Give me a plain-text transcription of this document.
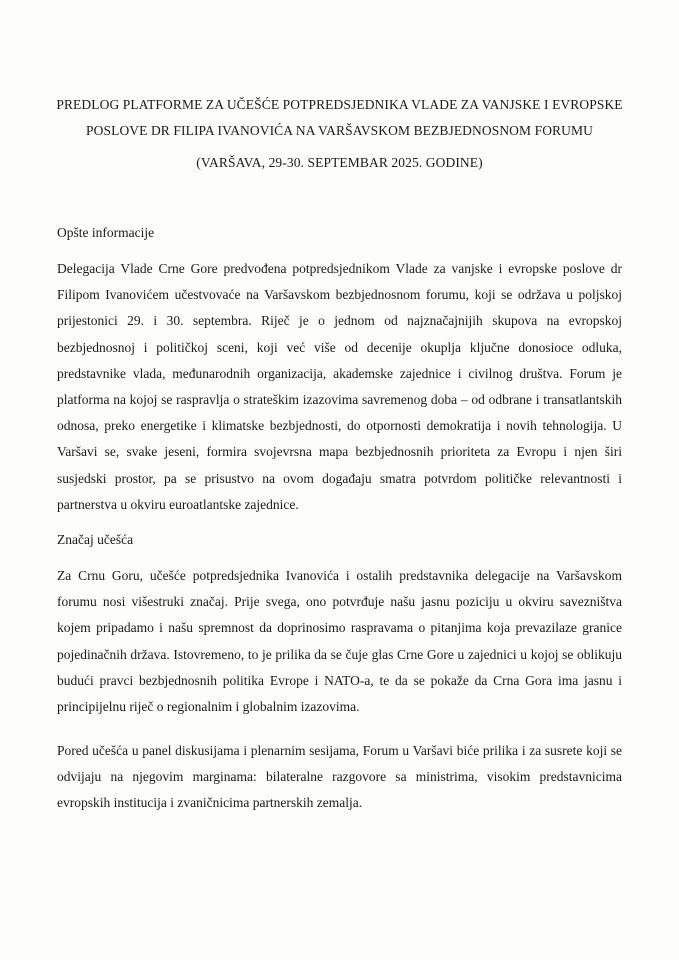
PREDLOG PLATFORME ZA UČEŠĆE POTPREDSJEDNIKA VLADE ZA VANJSKE I EVROPSKE
POSLOVE DR FILIPA IVANOVIĆA NA VARŠAVSKOM BEZBJEDNOSNOM FORUMU
(VARŠAVA, 29-30. SEPTEMBAR 2025. GODINE)
Opšte informacije
Delegacija Vlade Crne Gore predvođena potpredsjednikom Vlade za vanjske i evropske poslove dr Filipom Ivanovićem učestvovaće na Varšavskom bezbjednosnom forumu, koji se održava u poljskoj prijestonici 29. i 30. septembra. Riječ je o jednom od najznačajnijih skupova na evropskoj bezbjednosnoj i političkoj sceni, koji već više od decenije okuplja ključne donosioce odluka, predstavnike vlada, međunarodnih organizacija, akademske zajednice i civilnog društva. Forum je platforma na kojoj se raspravlja o strateškim izazovima savremenog doba – od odbrane i transatlantskih odnosa, preko energetike i klimatske bezbjednosti, do otpornosti demokratija i novih tehnologija. U Varšavi se, svake jeseni, formira svojevrsna mapa bezbjednosnih prioriteta za Evropu i njen širi susjedski prostor, pa se prisustvo na ovom događaju smatra potvrdom političke relevantnosti i partnerstva u okviru euroatlantske zajednice.
Značaj učešća
Za Crnu Goru, učešće potpredsjednika Ivanovića i ostalih predstavnika delegacije na Varšavskom forumu nosi višestruki značaj. Prije svega, ono potvrđuje našu jasnu poziciju u okviru savezništva kojem pripadamo i našu spremnost da doprinosimo raspravama o pitanjima koja prevazilaze granice pojedinačnih država. Istovremeno, to je prilika da se čuje glas Crne Gore u zajednici u kojoj se oblikuju budući pravci bezbjednosnih politika Evrope i NATO-a, te da se pokaže da Crna Gora ima jasnu i principijelnu riječ o regionalnim i globalnim izazovima.
Pored učešća u panel diskusijama i plenarnim sesijama, Forum u Varšavi biće prilika i za susrete koji se odvijaju na njegovim marginama: bilateralne razgovore sa ministrima, visokim predstavnicima evropskih institucija i zvaničnicima partnerskih zemalja.
